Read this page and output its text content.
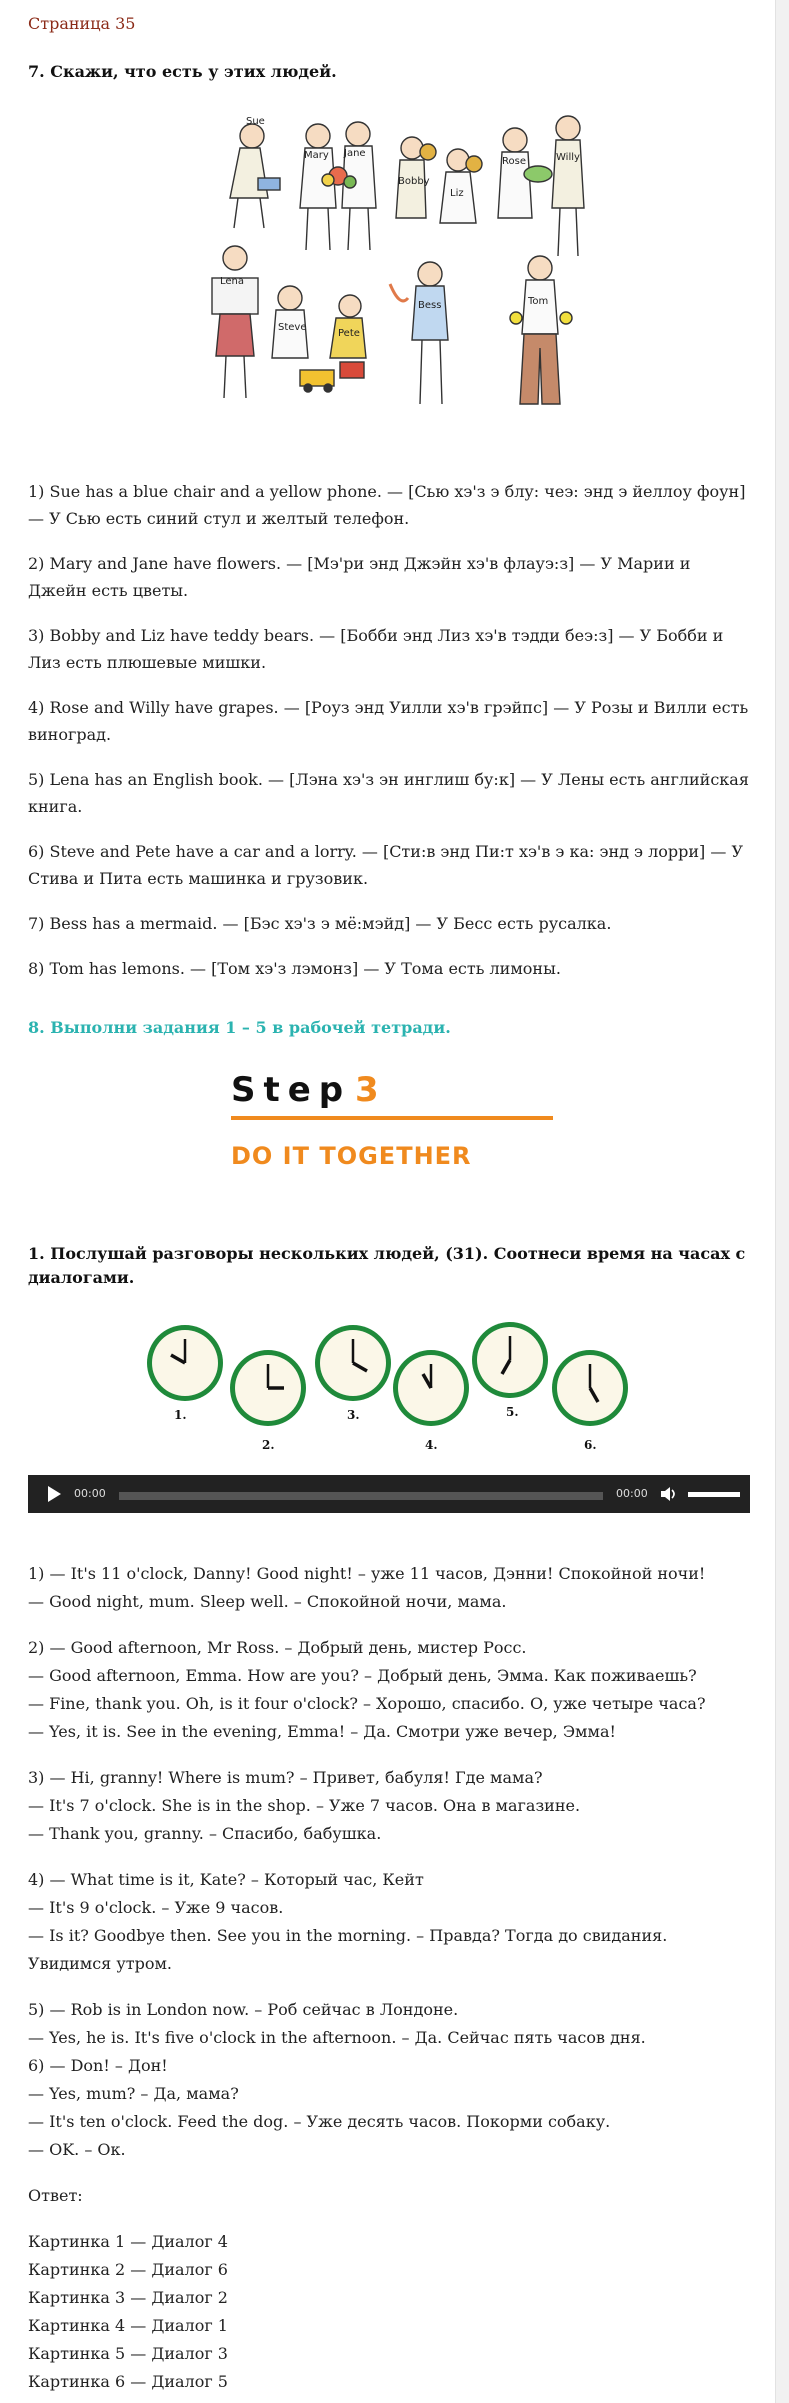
Страница 35
7. Скажи, что есть у этих людей.
Sue
Mary Jane
Bobby
Liz
Rose	Willy
Lena
Steve
Pete
Bess	Tom

1) Sue has a blue chair and a yellow phone. — [Сью хэ'з э блу: чеэ: энд э йеллоу фоун] — У Сью есть синий стул и желтый телефон.

2) Mary and Jane have flowers. — [Мэ'ри энд Джэйн хэ'в флауэ:з] — У Марии и Джейн есть цветы.

3) Bobby and Liz have teddy bears. — [Бобби энд Лиз хэ'в тэдди беэ:з] — У Бобби и Лиз есть плюшевые мишки.

4) Rose and Willy have grapes. — [Роуз энд Уилли хэ'в грэйпс] — У Розы и Вилли есть виноград.

5) Lena has an English book. — [Лэна хэ'з эн инглиш бу:к] — У Лены есть английская книга.

6) Steve and Pete have a car and a lorry. — [Сти:в энд Пи:т хэ'в э ка: энд э лорри] — У Стива и Пита есть машинка и грузовик.

7) Bess has a mermaid. — [Бэс хэ'з э мё:мэйд] — У Бесс есть русалка.

8) Tom has lemons. — [Том хэ'з лэмонз] — У Тома есть лимоны.

8. Выполни задания 1 – 5 в рабочей тетради.
Step 3
DO IT TOGETHER
1. Послушай разговоры нескольких людей, (31). Соотнеси время на часах с диалогами.
1.
2.
3.
4.
5.
6.
00:00	00:00
1) — It's 11 o'clock, Danny! Good night! – уже 11 часов, Дэнни! Спокойной ночи!
— Good night, mum. Sleep well. – Спокойной ночи, мама.
2) — Good afternoon, Mr Ross. – Добрый день, мистер Росс.
— Good afternoon, Emma. How are you? – Добрый день, Эмма. Как поживаешь?
— Fine, thank you. Oh, is it four o'clock? – Хорошо, спасибо. О, уже четыре часа?
— Yes, it is. See in the evening, Emma! – Да. Смотри уже вечер, Эмма!
3) — Hi, granny! Where is mum? – Привет, бабуля! Где мама?
— It's 7 o'clock. She is in the shop. – Уже 7 часов. Она в магазине.
— Thank you, granny. – Спасибо, бабушка.
4) — What time is it, Kate? – Который час, Кейт
— It's 9 o'clock. – Уже 9 часов.
— Is it? Goodbye then. See you in the morning. – Правда? Тогда до свидания. Увидимся утром.
5) — Rob is in London now. – Роб сейчас в Лондоне.
— Yes, he is. It's five o'clock in the afternoon. – Да. Сейчас пять часов дня.
6) — Don! – Дон!
— Yes, mum? – Да, мама?
— It's ten o'clock. Feed the dog. – Уже десять часов. Покорми собаку.
— OK. – Ок.
Ответ:
Картинка 1 — Диалог 4
Картинка 2 — Диалог 6
Картинка 3 — Диалог 2
Картинка 4 — Диалог 1
Картинка 5 — Диалог 3
Картинка 6 — Диалог 5
